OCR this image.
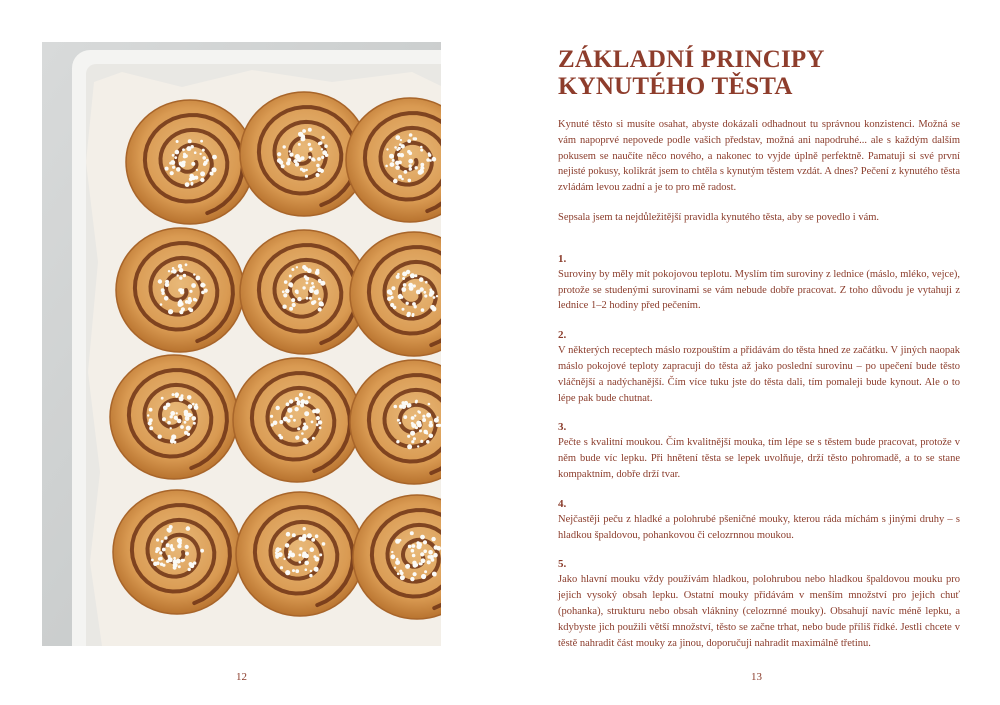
12
ZÁKLADNÍ PRINCIPY
KYNUTÉHO TĚSTA

Kynuté těsto si musíte osahat, abyste dokázali odhadnout tu správnou konzistenci. Možná se vám napoprvé nepovede podle vašich představ, možná ani napodruhé... ale s každým dalším pokusem se naučíte něco nového, a nakonec to vyjde úplně perfektně. Pamatuji si své první nejisté pokusy, kolikrát jsem to chtěla s kynutým těstem vzdát. A dnes? Pečení z kynutého těsta zvládám levou zadní a je to pro mě radost.

Sepsala jsem ta nejdůležitější pravidla kynutého těsta, aby se povedlo i vám.

1.

Suroviny by měly mít pokojovou teplotu. Myslím tím suroviny z lednice (máslo, mléko, vejce), protože se studenými surovinami se vám nebude dobře pracovat. Z toho důvodu je vytahuji z lednice 1–2 hodiny před pečením.

2.

V některých receptech máslo rozpouštím a přidávám do těsta hned ze začátku. V jiných naopak máslo pokojové teploty zapracuji do těsta až jako poslední surovinu – po upečení bude těsto vláčnější a nadýchanější. Čím více tuku jste do těsta dali, tím pomaleji bude kynout. Ale o to lépe pak bude chutnat.

3.

Pečte s kvalitní moukou. Čím kvalitnější mouka, tím lépe se s těstem bude pracovat, protože v něm bude víc lepku. Při hnětení těsta se lepek uvolňuje, drží těsto pohromadě, a to se stane kompaktním, dobře drží tvar.

4.

Nejčastěji peču z hladké a polohrubé pšeničné mouky, kterou ráda míchám s jinými druhy – s hladkou špaldovou, pohankovou či celozrnnou moukou.

5.

Jako hlavní mouku vždy používám hladkou, polohrubou nebo hladkou špaldovou mouku pro jejich vysoký obsah lepku. Ostatní mouky přidávám v menším množství pro jejich chuť (pohanka), strukturu nebo obsah vlákniny (celozrnné mouky). Obsahují navíc méně lepku, a kdybyste jich použili větší množství, těsto se začne trhat, nebo bude příliš řídké. Jestli chcete v těstě nahradit část mouky za jinou, doporučuji nahradit maximálně třetinu.

13
